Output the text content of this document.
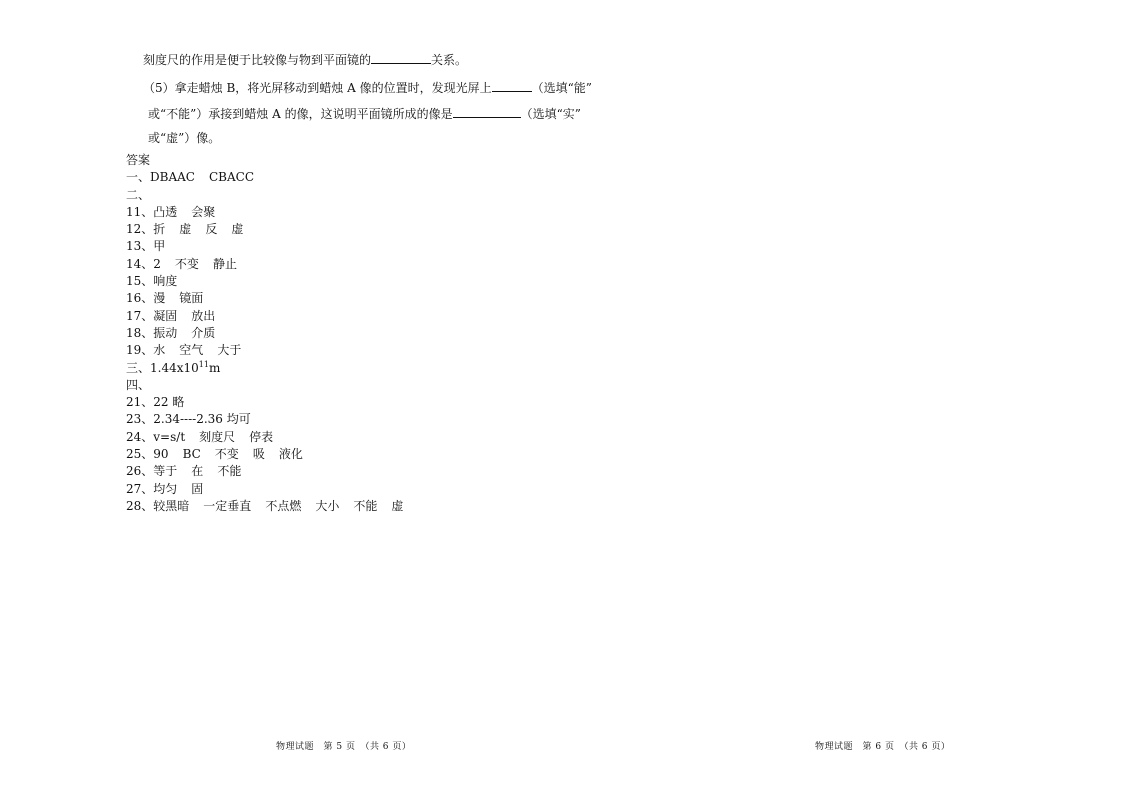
刻度尺的作用是便于比较像与物到平面镜的	关系。
（5）拿走蜡烛 B，将光屏移动到蜡烛 A 像的位置时，发现光屏上	（选填“能”
或“不能”）承接到蜡烛 A 的像，这说明平面镜所成的像是	（选填“实”
或“虚”）像。
答案
一、DBAAC CBACC
二、
11、凸透 会聚
12、折 虚 反 虚
13、甲
14、2 不变 静止
15、响度
16、漫 镜面
17、凝固 放出
18、振动 介质
19、水 空气 大于
三、$1.44x10^{11}m$
四、
21、22 略
23、2.34----2.36 均可
24、v=s/t 刻度尺 停表
25、90 BC 不变 吸 液化
26、等于 在 不能
27、均匀 固
28、较黑暗 一定垂直 不点燃 大小 不能 虚
物理试题　第 5 页　（共 6 页）	物理试题　第 6 页　（共 6 页）
